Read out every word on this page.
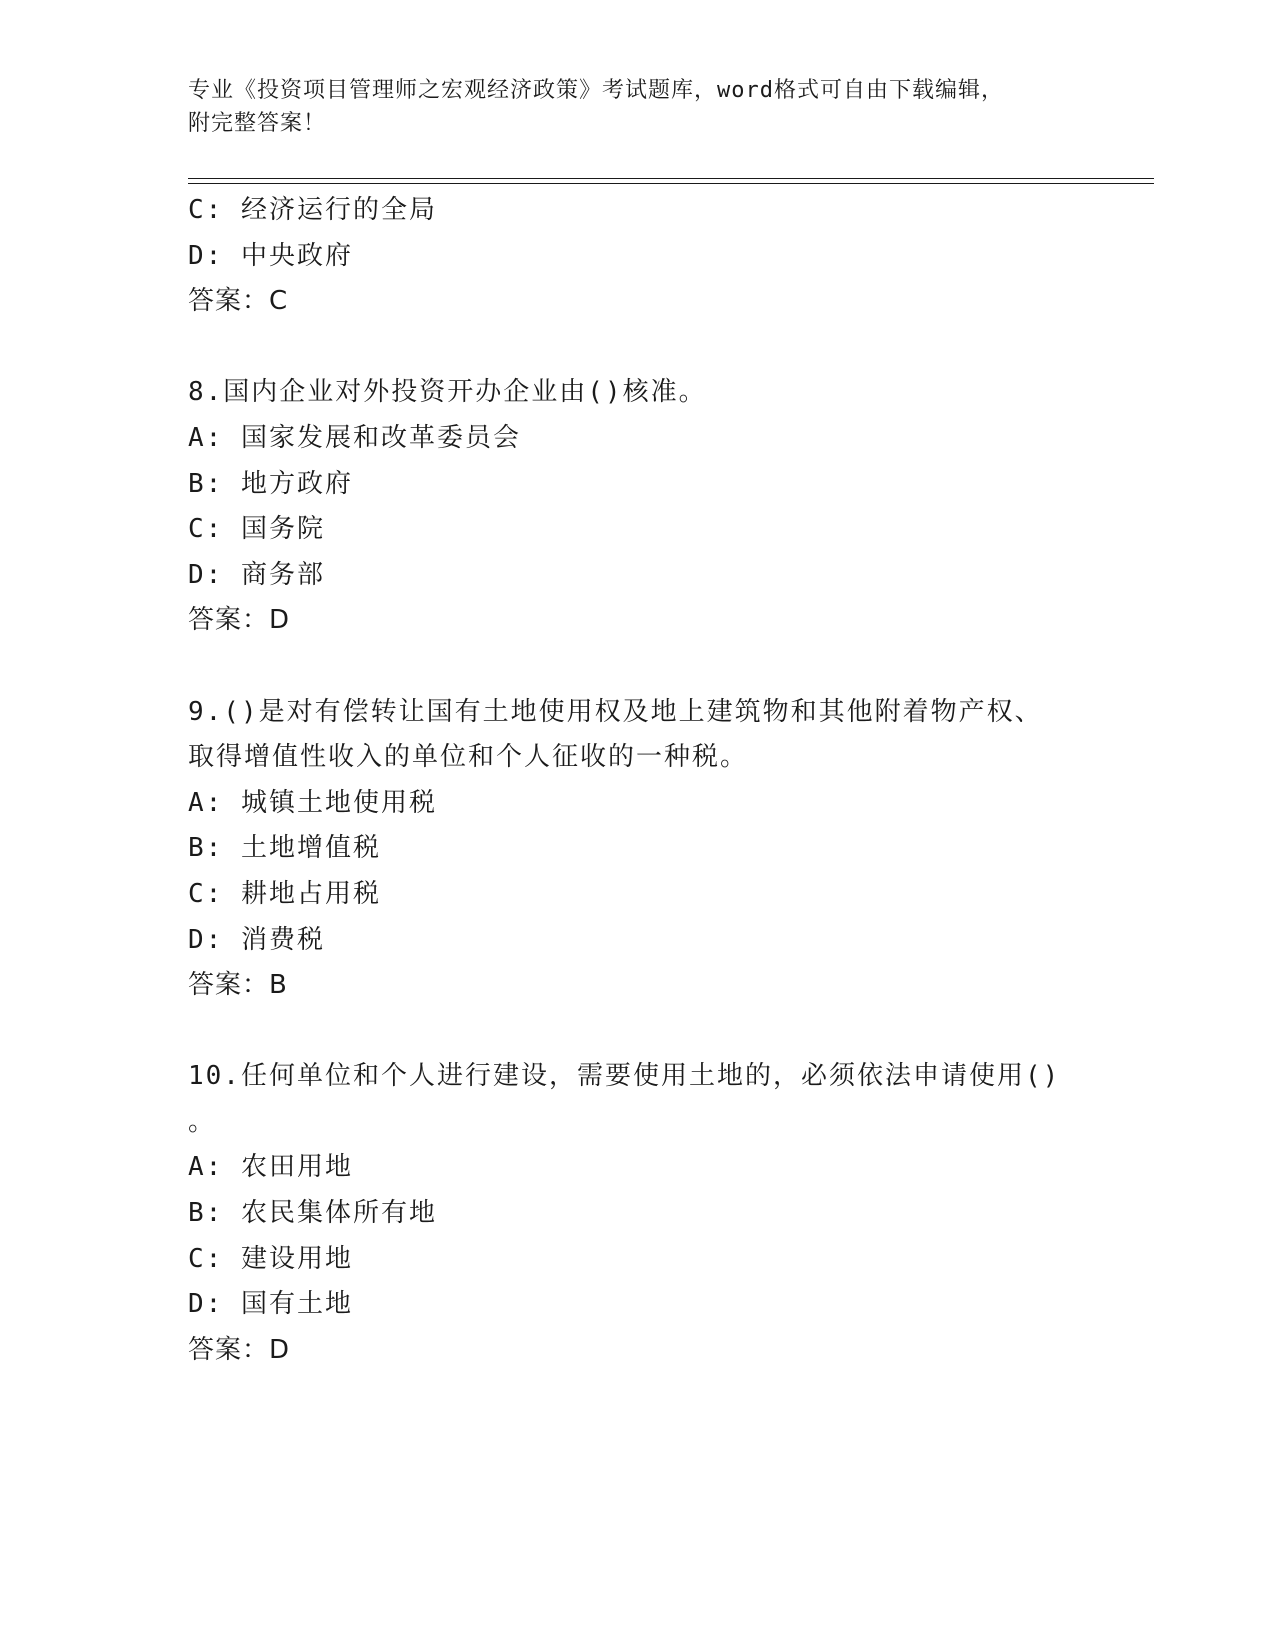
专业《投资项目管理师之宏观经济政策》考试题库，word格式可自由下载编辑，
附完整答案！
C: 经济运行的全局
D: 中央政府
答案：C
8.国内企业对外投资开办企业由()核准。
A: 国家发展和改革委员会
B: 地方政府
C: 国务院
D: 商务部
答案：D
9.()是对有偿转让国有土地使用权及地上建筑物和其他附着物产权、
取得增值性收入的单位和个人征收的一种税。
A: 城镇土地使用税
B: 土地增值税
C: 耕地占用税
D: 消费税
答案：B
10.任何单位和个人进行建设，需要使用土地的，必须依法申请使用()
。
A: 农田用地
B: 农民集体所有地
C: 建设用地
D: 国有土地
答案：D
